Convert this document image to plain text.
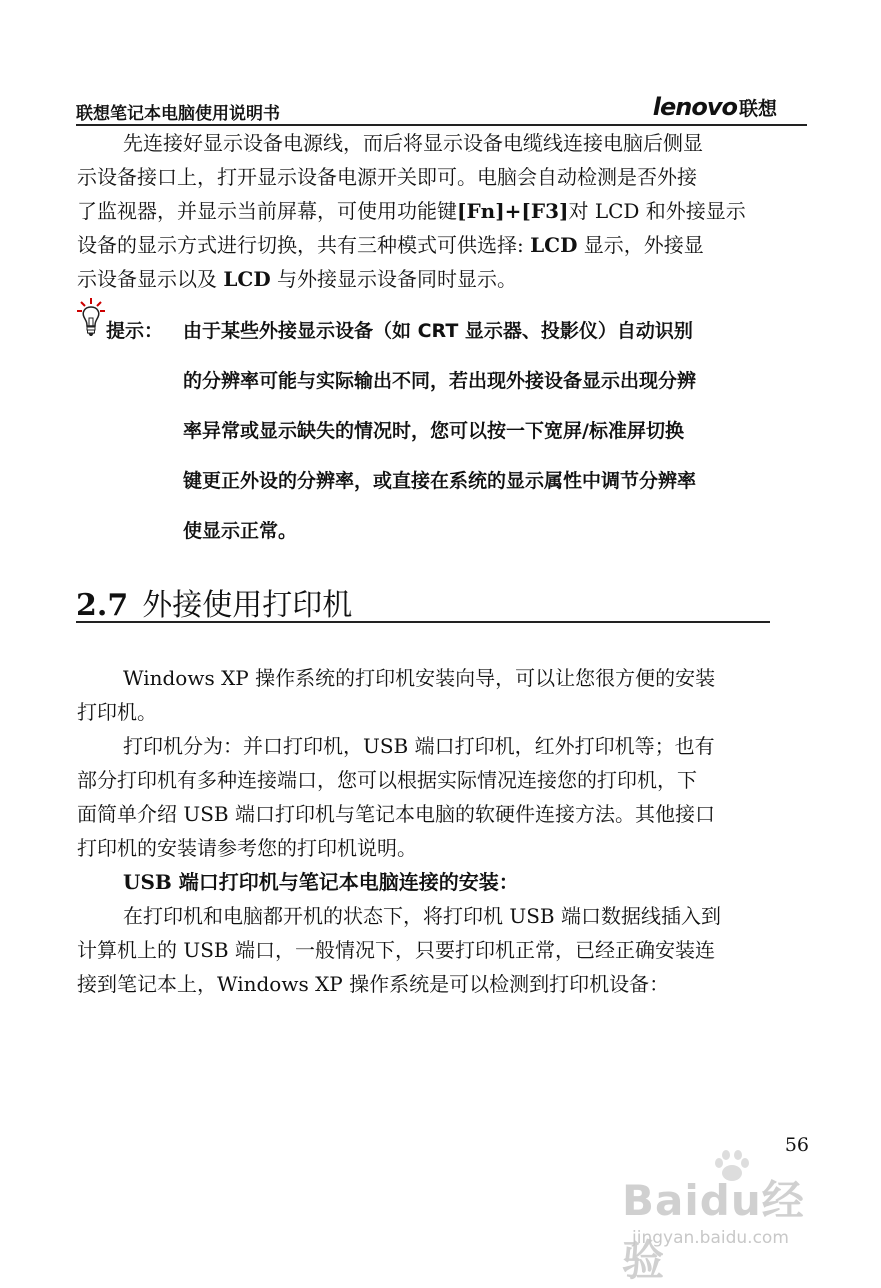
联想笔记本电脑使用说明书	lenovo 联想
先连接好显示设备电源线，而后将显示设备电缆线连接电脑后侧显
示设备接口上，打开显示设备电源开关即可。电脑会自动检测是否外接
了监视器，并显示当前屏幕，可使用功能键[Fn]+[F3]对 LCD 和外接显示
设备的显示方式进行切换，共有三种模式可供选择: LCD 显示，外接显
示设备显示以及 LCD 与外接显示设备同时显示。
提示： 由于某些外接显示设备（如 CRT 显示器、投影仪）自动识别
的分辨率可能与实际输出不同，若出现外接设备显示出现分辨
率异常或显示缺失的情况时，您可以按一下宽屏/标准屏切换
键更正外设的分辨率，或直接在系统的显示属性中调节分辨率
使显示正常。
2.7 外接使用打印机
Windows XP 操作系统的打印机安装向导，可以让您很方便的安装
打印机。
打印机分为：并口打印机，USB 端口打印机，红外打印机等；也有
部分打印机有多种连接端口，您可以根据实际情况连接您的打印机，下
面简单介绍 USB 端口打印机与笔记本电脑的软硬件连接方法。其他接口
打印机的安装请参考您的打印机说明。
USB 端口打印机与笔记本电脑连接的安装：
在打印机和电脑都开机的状态下，将打印机 USB 端口数据线插入到
计算机上的 USB 端口，一般情况下，只要打印机正常，已经正确安装连
接到笔记本上，Windows XP 操作系统是可以检测到打印机设备：
56
Baidu经验
jingyan.baidu.com
